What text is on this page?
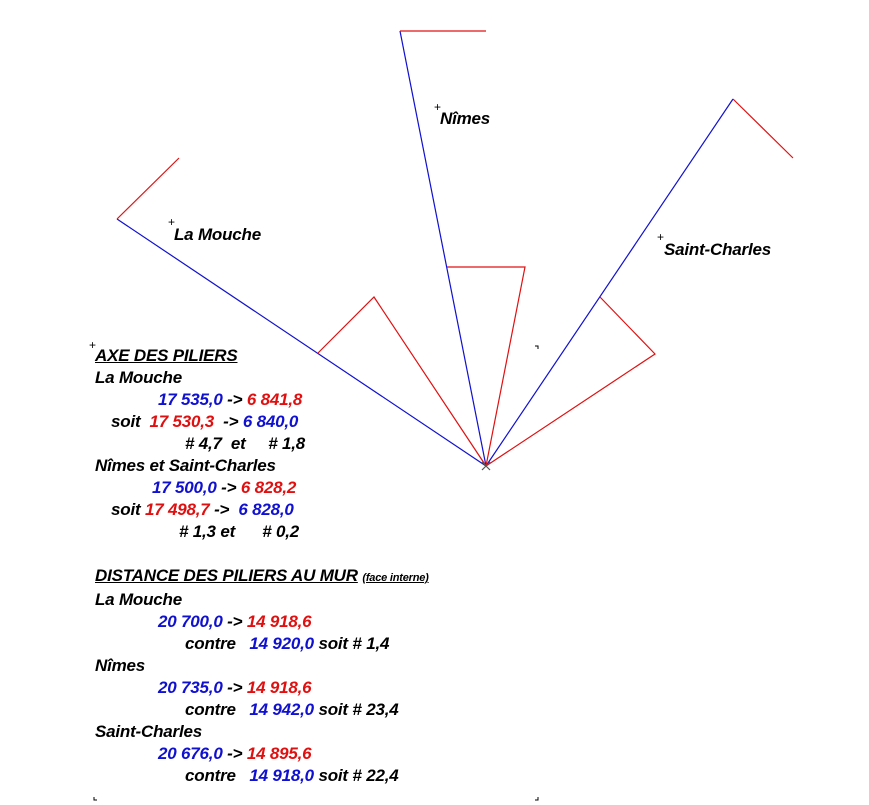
+
La Mouche
+
Nîmes
+
Saint-Charles
+
AXE DES PILIERS
La Mouche
17 535,0 -> 6 841,8
soit 17 530,3 -> 6 840,0
# 4,7 et # 1,8
Nîmes et Saint-Charles
17 500,0 -> 6 828,2
soit 17 498,7 -> 6 828,0
# 1,3 et # 0,2
DISTANCE DES PILIERS AU MUR (face interne)
La Mouche
20 700,0 -> 14 918,6
contre 14 920,0 soit # 1,4
Nîmes
20 735,0 -> 14 918,6
contre 14 942,0 soit # 23,4
Saint-Charles
20 676,0 -> 14 895,6
contre 14 918,0 soit # 22,4
